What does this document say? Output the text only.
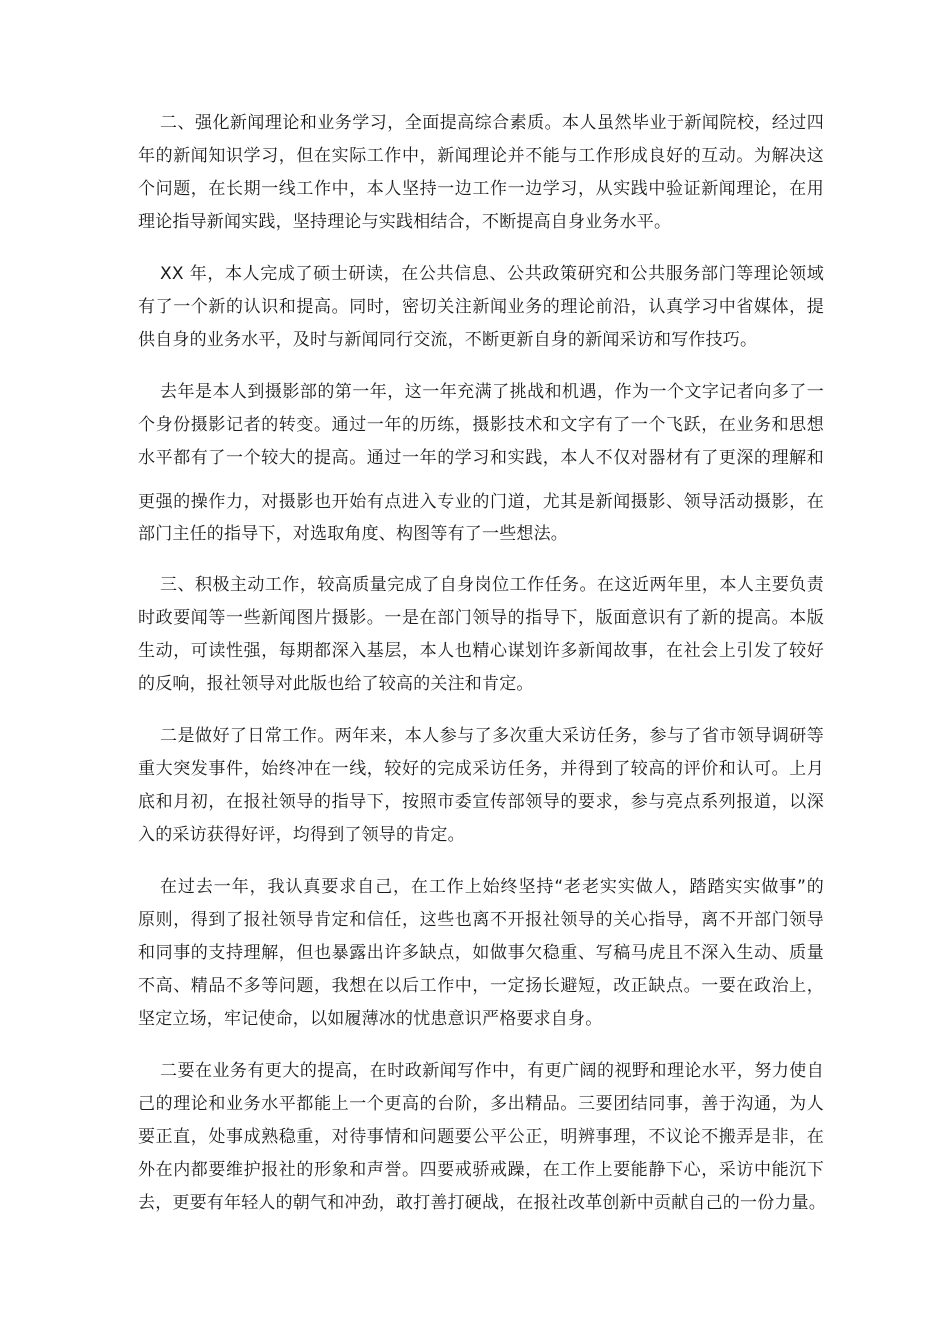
二、强化新闻理论和业务学习，全面提高综合素质。本人虽然毕业于新闻院校，经过四
年的新闻知识学习，但在实际工作中，新闻理论并不能与工作形成良好的互动。为解决这
个问题，在长期一线工作中，本人坚持一边工作一边学习，从实践中验证新闻理论，在用
理论指导新闻实践，坚持理论与实践相结合，不断提高自身业务水平。
XX 年，本人完成了硕士研读，在公共信息、公共政策研究和公共服务部门等理论领域
有了一个新的认识和提高。同时，密切关注新闻业务的理论前沿，认真学习中省媒体，提
供自身的业务水平，及时与新闻同行交流，不断更新自身的新闻采访和写作技巧。
去年是本人到摄影部的第一年，这一年充满了挑战和机遇，作为一个文字记者向多了一
个身份摄影记者的转变。通过一年的历练，摄影技术和文字有了一个飞跃，在业务和思想
水平都有了一个较大的提高。通过一年的学习和实践，本人不仅对器材有了更深的理解和
更强的操作力，对摄影也开始有点进入专业的门道，尤其是新闻摄影、领导活动摄影，在
部门主任的指导下，对选取角度、构图等有了一些想法。
三、积极主动工作，较高质量完成了自身岗位工作任务。在这近两年里，本人主要负责
时政要闻等一些新闻图片摄影。一是在部门领导的指导下，版面意识有了新的提高。本版
生动，可读性强，每期都深入基层，本人也精心谋划许多新闻故事，在社会上引发了较好
的反响，报社领导对此版也给了较高的关注和肯定。
二是做好了日常工作。两年来，本人参与了多次重大采访任务，参与了省市领导调研等
重大突发事件，始终冲在一线，较好的完成采访任务，并得到了较高的评价和认可。上月
底和月初，在报社领导的指导下，按照市委宣传部领导的要求，参与亮点系列报道，以深
入的采访获得好评，均得到了领导的肯定。
在过去一年，我认真要求自己，在工作上始终坚持“老老实实做人，踏踏实实做事”的
原则，得到了报社领导肯定和信任，这些也离不开报社领导的关心指导，离不开部门领导
和同事的支持理解，但也暴露出许多缺点，如做事欠稳重、写稿马虎且不深入生动、质量
不高、精品不多等问题，我想在以后工作中，一定扬长避短，改正缺点。一要在政治上，
坚定立场，牢记使命，以如履薄冰的忧患意识严格要求自身。
二要在业务有更大的提高，在时政新闻写作中，有更广阔的视野和理论水平，努力使自
己的理论和业务水平都能上一个更高的台阶，多出精品。三要团结同事，善于沟通，为人
要正直，处事成熟稳重，对待事情和问题要公平公正，明辨事理，不议论不搬弄是非，在
外在内都要维护报社的形象和声誉。四要戒骄戒躁，在工作上要能静下心，采访中能沉下
去，更要有年轻人的朝气和冲劲，敢打善打硬战，在报社改革创新中贡献自己的一份力量。
